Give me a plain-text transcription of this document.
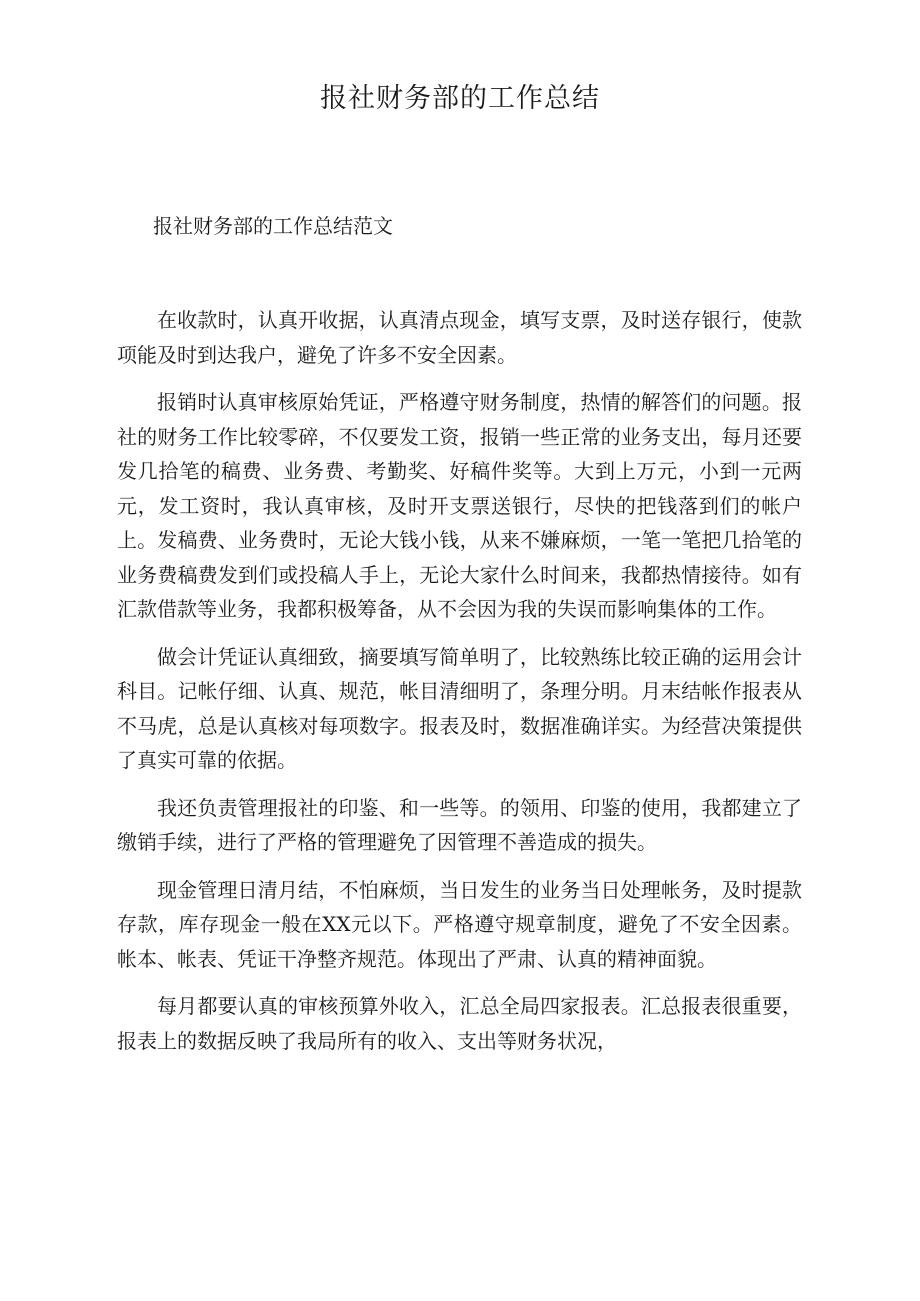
报社财务部的工作总结
报社财务部的工作总结范文

在收款时，认真开收据，认真清点现金，填写支票，及时送存银行，使款项能及时到达我户，避免了许多不安全因素。

报销时认真审核原始凭证，严格遵守财务制度，热情的解答们的问题。报社的财务工作比较零碎，不仅要发工资，报销一些正常的业务支出，每月还要发几拾笔的稿费、业务费、考勤奖、好稿件奖等。大到上万元，小到一元两元，发工资时，我认真审核，及时开支票送银行，尽快的把钱落到们的帐户上。发稿费、业务费时，无论大钱小钱，从来不嫌麻烦，一笔一笔把几拾笔的业务费稿费发到们或投稿人手上，无论大家什么时间来，我都热情接待。如有汇款借款等业务，我都积极筹备，从不会因为我的失误而影响集体的工作。

做会计凭证认真细致，摘要填写简单明了，比较熟练比较正确的运用会计科目。记帐仔细、认真、规范，帐目清细明了，条理分明。月末结帐作报表从不马虎，总是认真核对每项数字。报表及时，数据准确详实。为经营决策提供了真实可靠的依据。

我还负责管理报社的印鉴、和一些等。的领用、印鉴的使用，我都建立了缴销手续，进行了严格的管理避免了因管理不善造成的损失。

现金管理日清月结，不怕麻烦，当日发生的业务当日处理帐务，及时提款存款，库存现金一般在XX元以下。严格遵守规章制度，避免了不安全因素。帐本、帐表、凭证干净整齐规范。体现出了严肃、认真的精神面貌。

每月都要认真的审核预算外收入，汇总全局四家报表。汇总报表很重要，报表上的数据反映了我局所有的收入、支出等财务状况，
